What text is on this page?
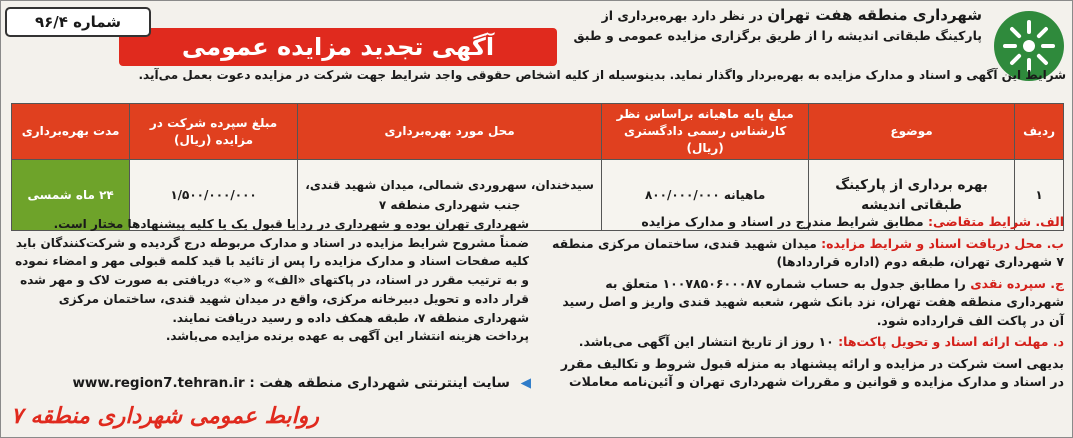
شهرداری منطقه هفت تهران در نظر دارد بهره‌برداری از
پارکینگ طبقاتی اندیشه را از طریق برگزاری مزایده عمومی و طبق
آگهی تجدید مزایده عمومی
شماره ۹۶/۴
شرایط این آگهی و اسناد و مدارک مزایده به بهره‌بردار واگذار نماید. بدینوسیله از کلیه اشخاص حقوقی واجد شرایط جهت شرکت در مزایده دعوت بعمل می‌آید.
ردیف	موضوع	مبلغ پایه ماهیانه براساس نظر کارشناس رسمی دادگستری (ریال)	محل مورد بهره‌برداری	مبلغ سپرده شرکت در مزایده (ریال)	مدت بهره‌برداری
۱	بهره برداری از پارکینگ طبقاتی اندیشه	ماهیانه ۸۰۰/۰۰۰/۰۰۰	سیدخندان، سهروردی شمالی، میدان شهید قندی، جنب شهرداری منطقه ۷	۱/۵۰۰/۰۰۰/۰۰۰	۲۴ ماه شمسی

الف. شرایط متقاضی: مطابق شرایط مندرج در اسناد و مدارک مزایده

ب. محل دریافت اسناد و شرایط مزایده: میدان شهید قندی، ساختمان مرکزی منطقه ۷ شهرداری تهران، طبقه دوم (اداره قراردادها)

ج. سپرده نقدی را مطابق جدول به حساب شماره ۱۰۰۷۸۵۰۶۰۰۰۸۷ متعلق به شهرداری منطقه هفت تهران، نزد بانک شهر، شعبه شهید قندی واریز و اصل رسید آن در پاکت الف قرارداده شود.

د. مهلت ارائه اسناد و تحویل پاکت‌ها: ۱۰ روز از تاریخ انتشار این آگهی می‌باشد.

بدیهی است شرکت در مزایده و ارائه پیشنهاد به منزله قبول شروط و تکالیف مقرر در اسناد و مدارک مزایده و قوانین و مقررات شهرداری تهران و آئین‌نامه معاملات

شهرداری تهران بوده و شهرداری در رد یا قبول یک یا کلیه پیشنهادها مختار است.

ضمناً مشروح شرایط مزایده در اسناد و مدارک مربوطه درج گردیده و شرکت‌کنندگان باید کلیه صفحات اسناد و مدارک مزایده را پس از تائید با قید کلمه قبولی مهر و امضاء نموده و به ترتیب مقرر در اسناد، در پاکتهای «الف» و «ب» دریافتی به صورت لاک و مهر شده قرار داده و تحویل دبیرخانه مرکزی، واقع در میدان شهید قندی، ساختمان مرکزی شهرداری منطقه ۷، طبقه همکف داده و رسید دریافت نمایند.

پرداخت هزینه انتشار این آگهی به عهده برنده مزایده می‌باشد.

◀ سایت اینترنتی شهرداری منطقه هفت : www.region7.tehran.ir
روابط عمومی شهرداری منطقه ۷
